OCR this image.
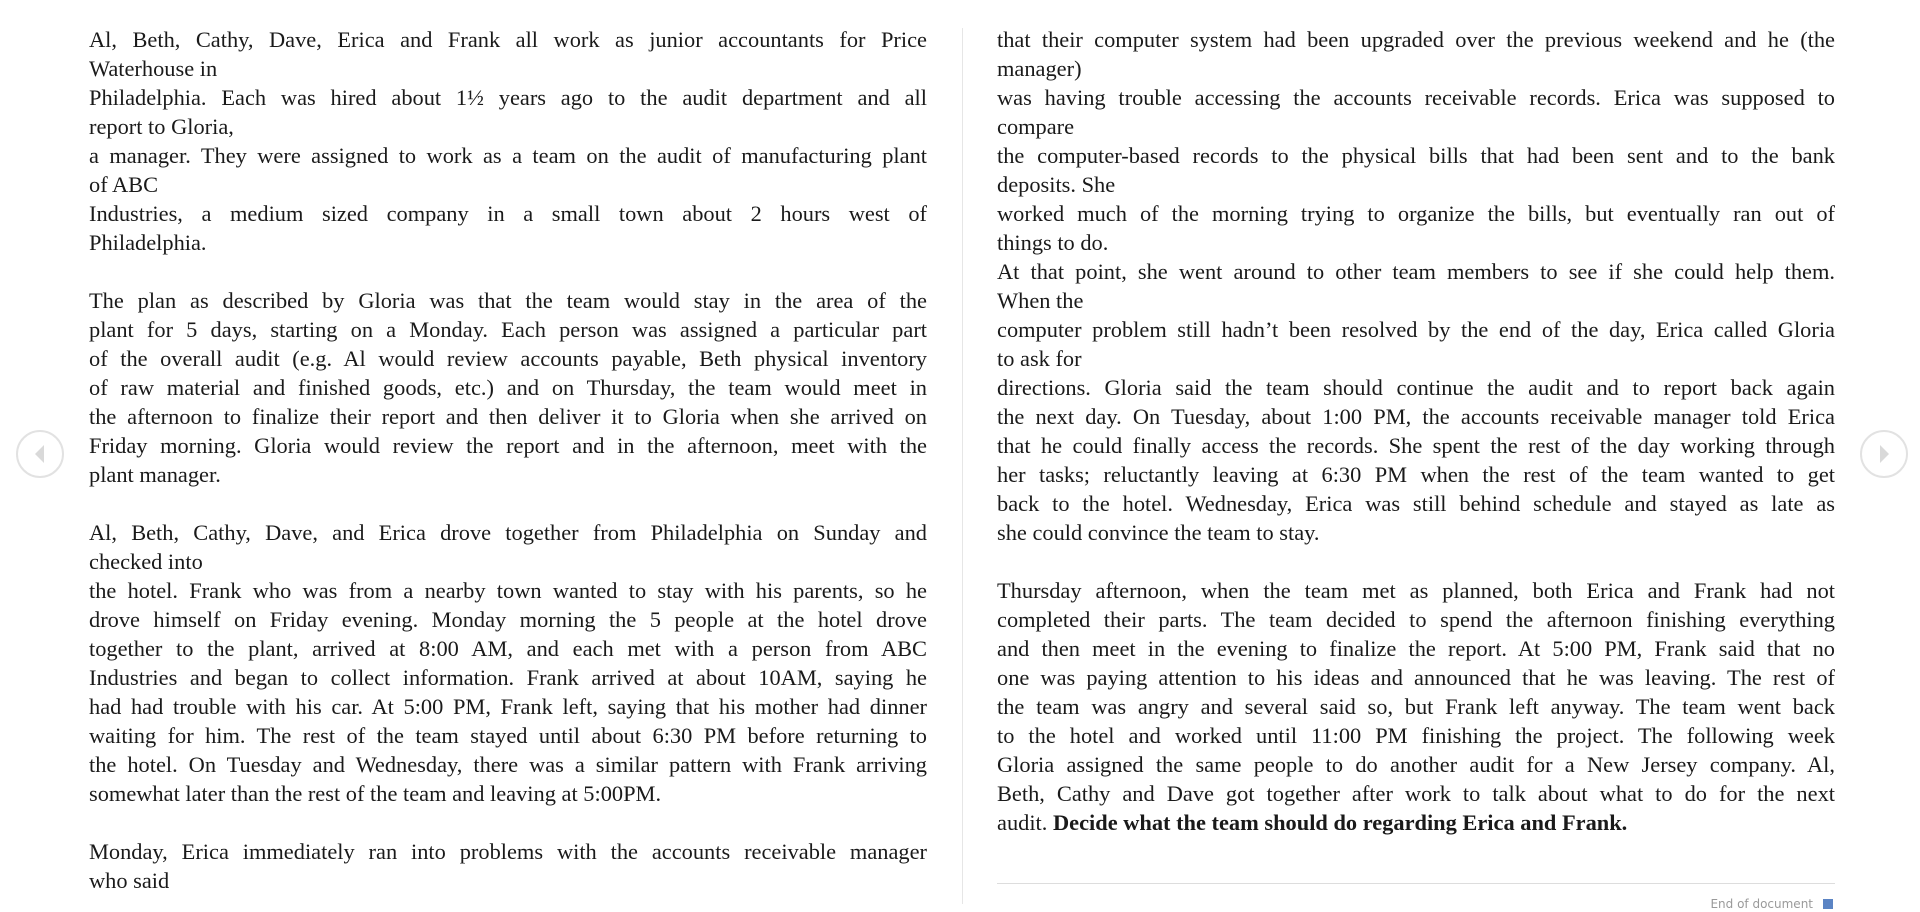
Al, Beth, Cathy, Dave, Erica and Frank all work as junior accountants for Price
Waterhouse in
Philadelphia. Each was hired about 1½ years ago to the audit department and all
report to Gloria,
a manager. They were assigned to work as a team on the audit of manufacturing plant
of ABC
Industries, a medium sized company in a small town about 2 hours west of
Philadelphia.

The plan as described by Gloria was that the team would stay in the area of the
plant for 5 days, starting on a Monday. Each person was assigned a particular part
of the overall audit (e.g. Al would review accounts payable, Beth physical inventory
of raw material and finished goods, etc.) and on Thursday, the team would meet in
the afternoon to finalize their report and then deliver it to Gloria when she arrived on
Friday morning. Gloria would review the report and in the afternoon, meet with the
plant manager.

Al, Beth, Cathy, Dave, and Erica drove together from Philadelphia on Sunday and
checked into
the hotel. Frank who was from a nearby town wanted to stay with his parents, so he
drove himself on Friday evening. Monday morning the 5 people at the hotel drove
together to the plant, arrived at 8:00 AM, and each met with a person from ABC
Industries and began to collect information. Frank arrived at about 10AM, saying he
had had trouble with his car. At 5:00 PM, Frank left, saying that his mother had dinner
waiting for him. The rest of the team stayed until about 6:30 PM before returning to
the hotel. On Tuesday and Wednesday, there was a similar pattern with Frank arriving
somewhat later than the rest of the team and leaving at 5:00PM.

Monday, Erica immediately ran into problems with the accounts receivable manager
who said

that their computer system had been upgraded over the previous weekend and he (the
manager)
was having trouble accessing the accounts receivable records. Erica was supposed to
compare
the computer-based records to the physical bills that had been sent and to the bank
deposits. She
worked much of the morning trying to organize the bills, but eventually ran out of
things to do.
At that point, she went around to other team members to see if she could help them.
When the
computer problem still hadn’t been resolved by the end of the day, Erica called Gloria
to ask for
directions. Gloria said the team should continue the audit and to report back again
the next day. On Tuesday, about 1:00 PM, the accounts receivable manager told Erica
that he could finally access the records. She spent the rest of the day working through
her tasks; reluctantly leaving at 6:30 PM when the rest of the team wanted to get
back to the hotel. Wednesday, Erica was still behind schedule and stayed as late as
she could convince the team to stay.

Thursday afternoon, when the team met as planned, both Erica and Frank had not
completed their parts. The team decided to spend the afternoon finishing everything
and then meet in the evening to finalize the report. At 5:00 PM, Frank said that no
one was paying attention to his ideas and announced that he was leaving. The rest of
the team was angry and several said so, but Frank left anyway. The team went back
to the hotel and worked until 11:00 PM finishing the project. The following week
Gloria assigned the same people to do another audit for a New Jersey company. Al,
Beth, Cathy and Dave got together after work to talk about what to do for the next
audit. Decide what the team should do regarding Erica and Frank.

End of document
